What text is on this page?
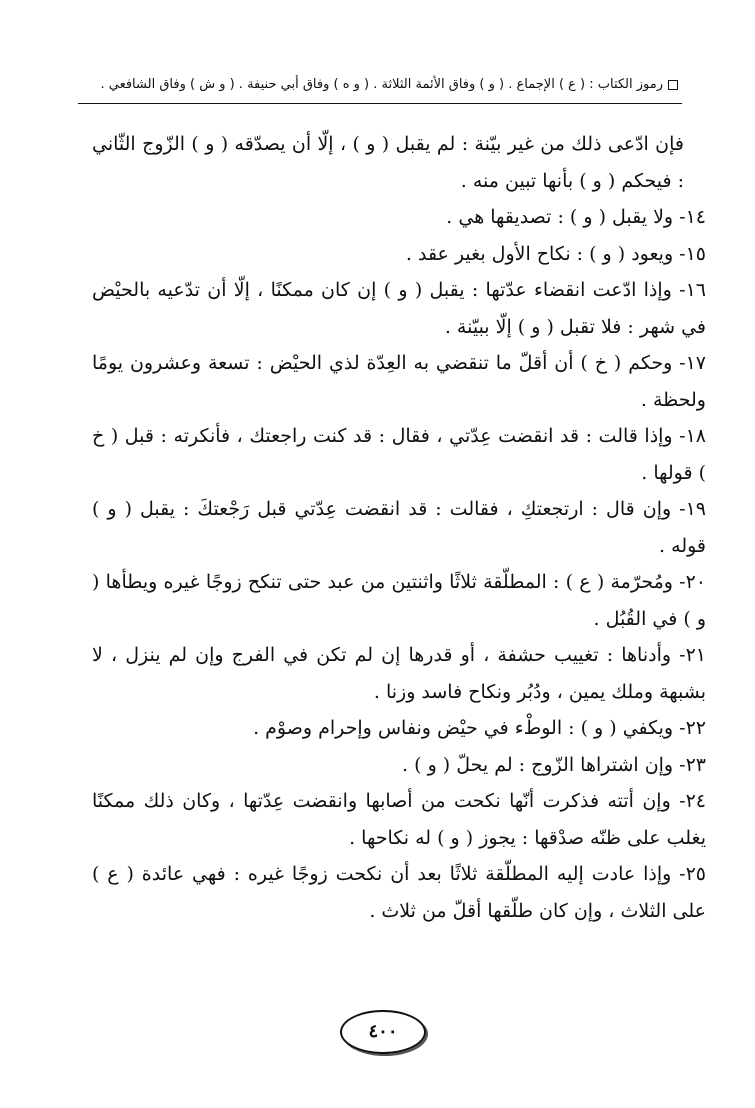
رموز الكتاب : ( ع ) الإجماع . ( و ) وفاق الأئمة الثلاثة . ( و ه ) وفاق أبي حنيفة . ( و ش ) وفاق الشافعي .

فإن ادّعى ذلك من غير بيّنة : لم يقبل ( و ) ، إلّا أن يصدّقه ( و ) الزّوج الثّاني : فيحكم ( و ) بأنها تبين منه .

١٤- ولا يقبل ( و ) : تصديقها هي .

١٥- ويعود ( و ) : نكاح الأول بغير عقد .

١٦- وإذا ادّعت انقضاء عدّتها : يقبل ( و ) إن كان ممكنًا ، إلّا أن تدّعيه بالحيْض في شهر : فلا تقبل ( و ) إلّا ببيّنة .

١٧- وحكم ( خ ) أن أقلّ ما تنقضي به العِدّة لذي الحيْض : تسعة وعشرون يومًا ولحظة .

١٨- وإذا قالت : قد انقضت عِدّتي ، فقال : قد كنت راجعتك ، فأنكرته : قبل ( خ ) قولها .

١٩- وإن قال : ارتجعتكِ ، فقالت : قد انقضت عِدّتي قبل رَجْعتكَ : يقبل ( و ) قوله .

٢٠- ومُحرّمة ( ع ) : المطلّقة ثلاثًا واثنتين من عبد حتى تنكح زوجًا غيره ويطأها ( و ) في القُبُل .

٢١- وأدناها : تغييب حشفة ، أو قدرها إن لم تكن في الفرج وإن لم ينزل ، لا بشبهة وملك يمين ، ودُبُر ونكاح فاسد وزنا .

٢٢- ويكفي ( و ) : الوطْء في حيْض ونفاس وإحرام وصوْم .

٢٣- وإن اشتراها الزّوج : لم يحلّ ( و ) .

٢٤- وإن أتته فذكرت أنّها نكحت من أصابها وانقضت عِدّتها ، وكان ذلك ممكنًا يغلب على ظنّه صدْقها : يجوز ( و ) له نكاحها .

٢٥- وإذا عادت إليه المطلّقة ثلاثًا بعد أن نكحت زوجًا غيره : فهي عائدة ( ع ) على الثلاث ، وإن كان طلّقها أقلّ من ثلاث .

٤٠٠
